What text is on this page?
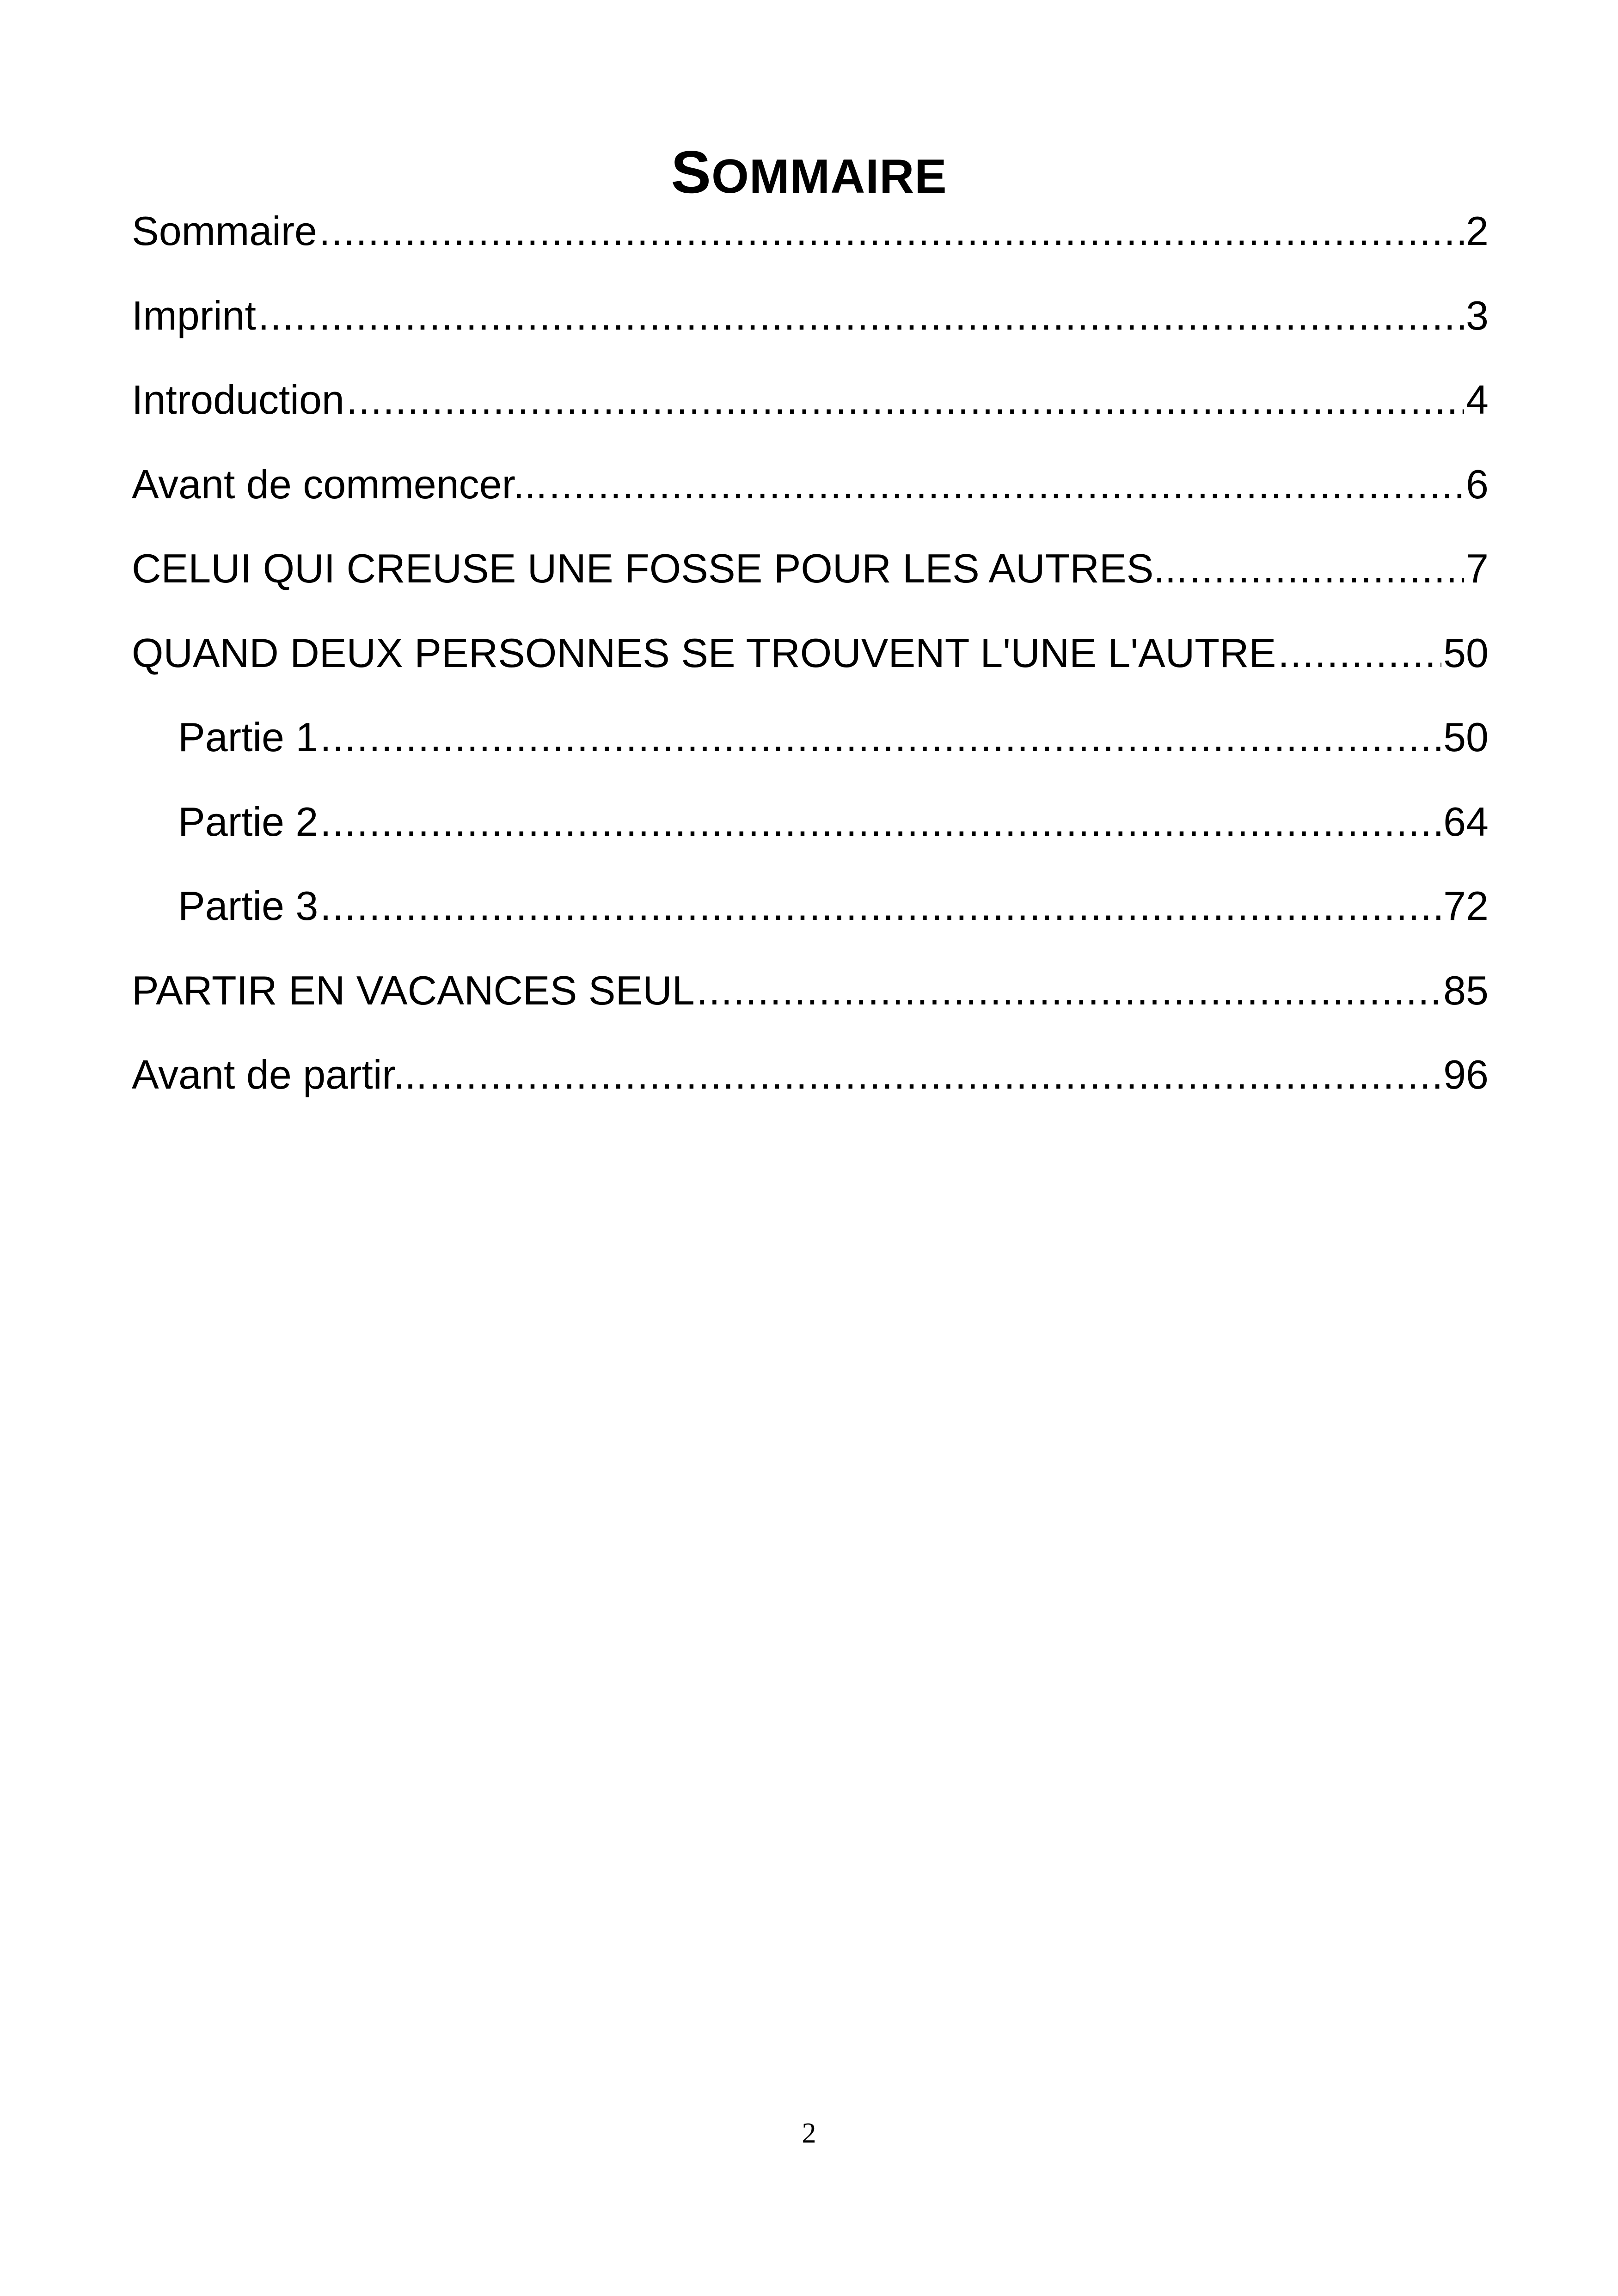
SOMMAIRE
Sommaire .....	2
Imprint .....	3
Introduction .....	4
Avant de commencer... .....	6
CELUI QUI CREUSE UNE FOSSE POUR LES AUTRES... .....	7
QUAND DEUX PERSONNES SE TROUVENT L'UNE L'AUTRE .....	50
Partie 1 .....	50
Partie 2 .....	64
Partie 3 .....	72
PARTIR EN VACANCES SEUL .....	85
Avant de partir... .....	96
2
